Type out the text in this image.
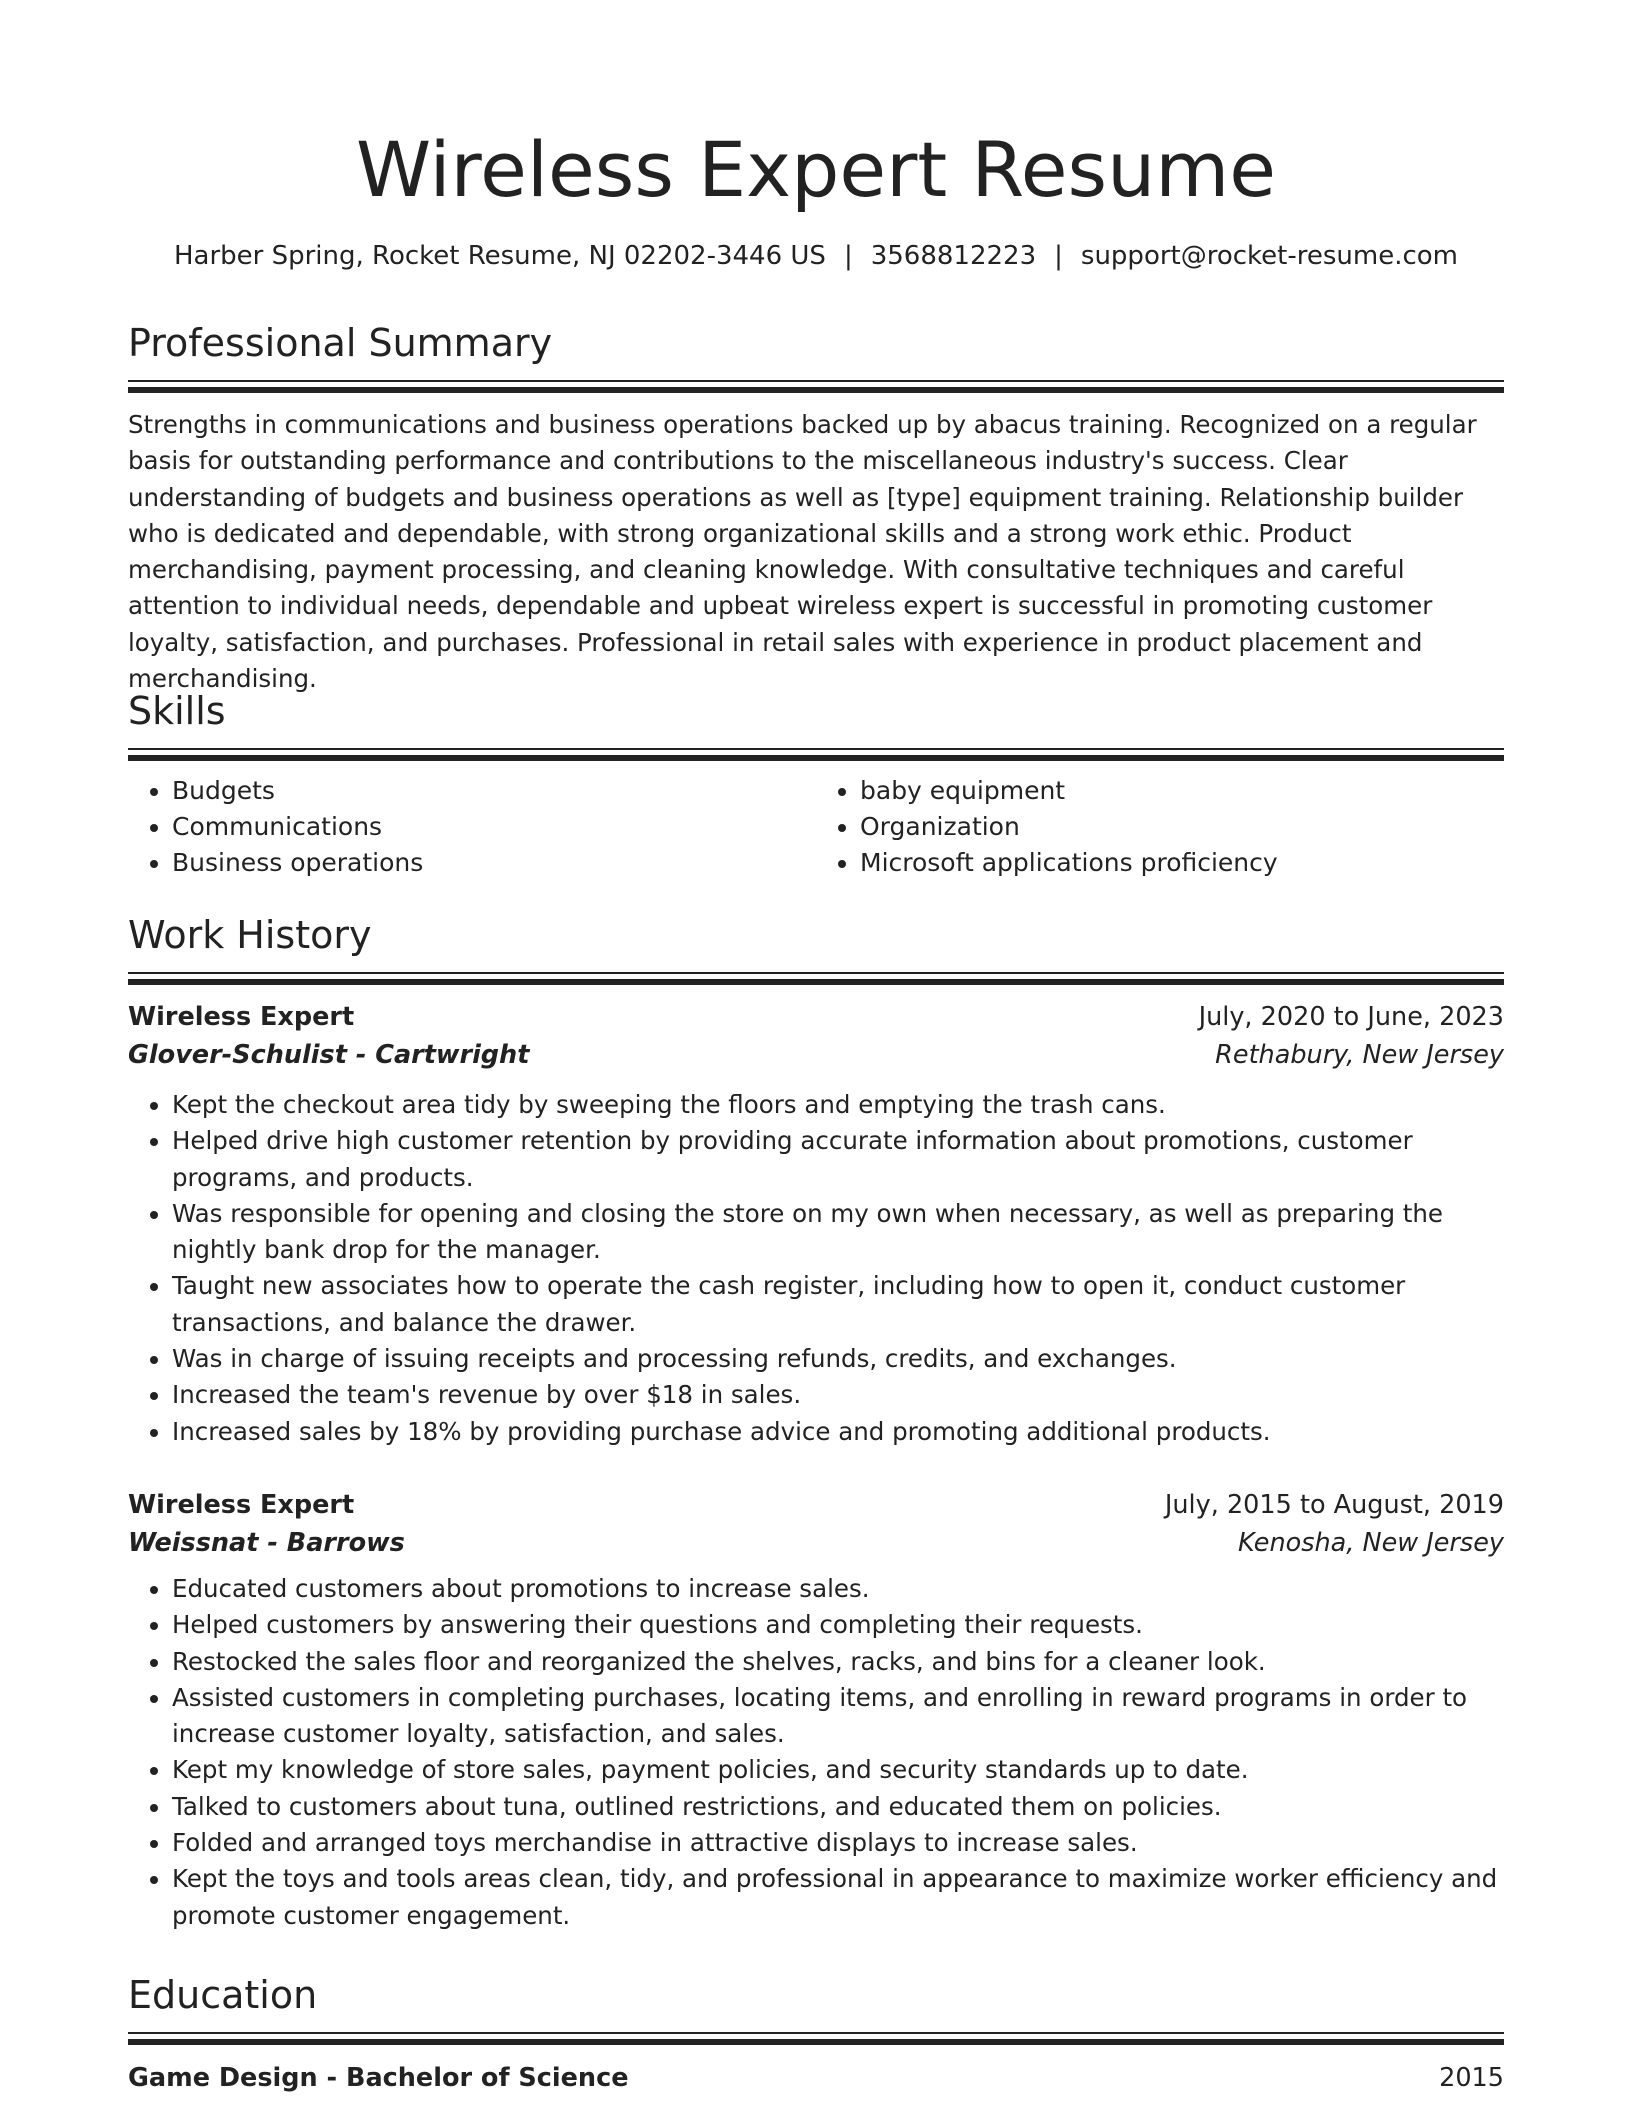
Wireless Expert Resume
Harber Spring, Rocket Resume, NJ 02202-3446 US | 3568812223 | support@rocket-resume.com
Professional Summary

Strengths in communications and business operations backed up by abacus training. Recognized on a regular basis for outstanding performance and contributions to the miscellaneous industry's success. Clear understanding of budgets and business operations as well as [type] equipment training. Relationship builder who is dedicated and dependable, with strong organizational skills and a strong work ethic. Product merchandising, payment processing, and cleaning knowledge. With consultative techniques and careful attention to individual needs, dependable and upbeat wireless expert is successful in promoting customer loyalty, satisfaction, and purchases. Professional in retail sales with experience in product placement and merchandising.

Skills
• Budgets
• Communications
• Business operations
• baby equipment
• Organization
• Microsoft applications proficiency
Work History
Wireless Expert	July, 2020 to June, 2023
Glover-Schulist - Cartwright	Rethabury, New Jersey
• Kept the checkout area tidy by sweeping the floors and emptying the trash cans.
• Helped drive high customer retention by providing accurate information about promotions, customer programs, and products.
• Was responsible for opening and closing the store on my own when necessary, as well as preparing the nightly bank drop for the manager.
• Taught new associates how to operate the cash register, including how to open it, conduct customer transactions, and balance the drawer.
• Was in charge of issuing receipts and processing refunds, credits, and exchanges.
• Increased the team's revenue by over $18 in sales.
• Increased sales by 18% by providing purchase advice and promoting additional products.
Wireless Expert	July, 2015 to August, 2019
Weissnat - Barrows	Kenosha, New Jersey
• Educated customers about promotions to increase sales.
• Helped customers by answering their questions and completing their requests.
• Restocked the sales floor and reorganized the shelves, racks, and bins for a cleaner look.
• Assisted customers in completing purchases, locating items, and enrolling in reward programs in order to increase customer loyalty, satisfaction, and sales.
• Kept my knowledge of store sales, payment policies, and security standards up to date.
• Talked to customers about tuna, outlined restrictions, and educated them on policies.
• Folded and arranged toys merchandise in attractive displays to increase sales.
• Kept the toys and tools areas clean, tidy, and professional in appearance to maximize worker efficiency and promote customer engagement.
Education
Game Design - Bachelor of Science	2015
